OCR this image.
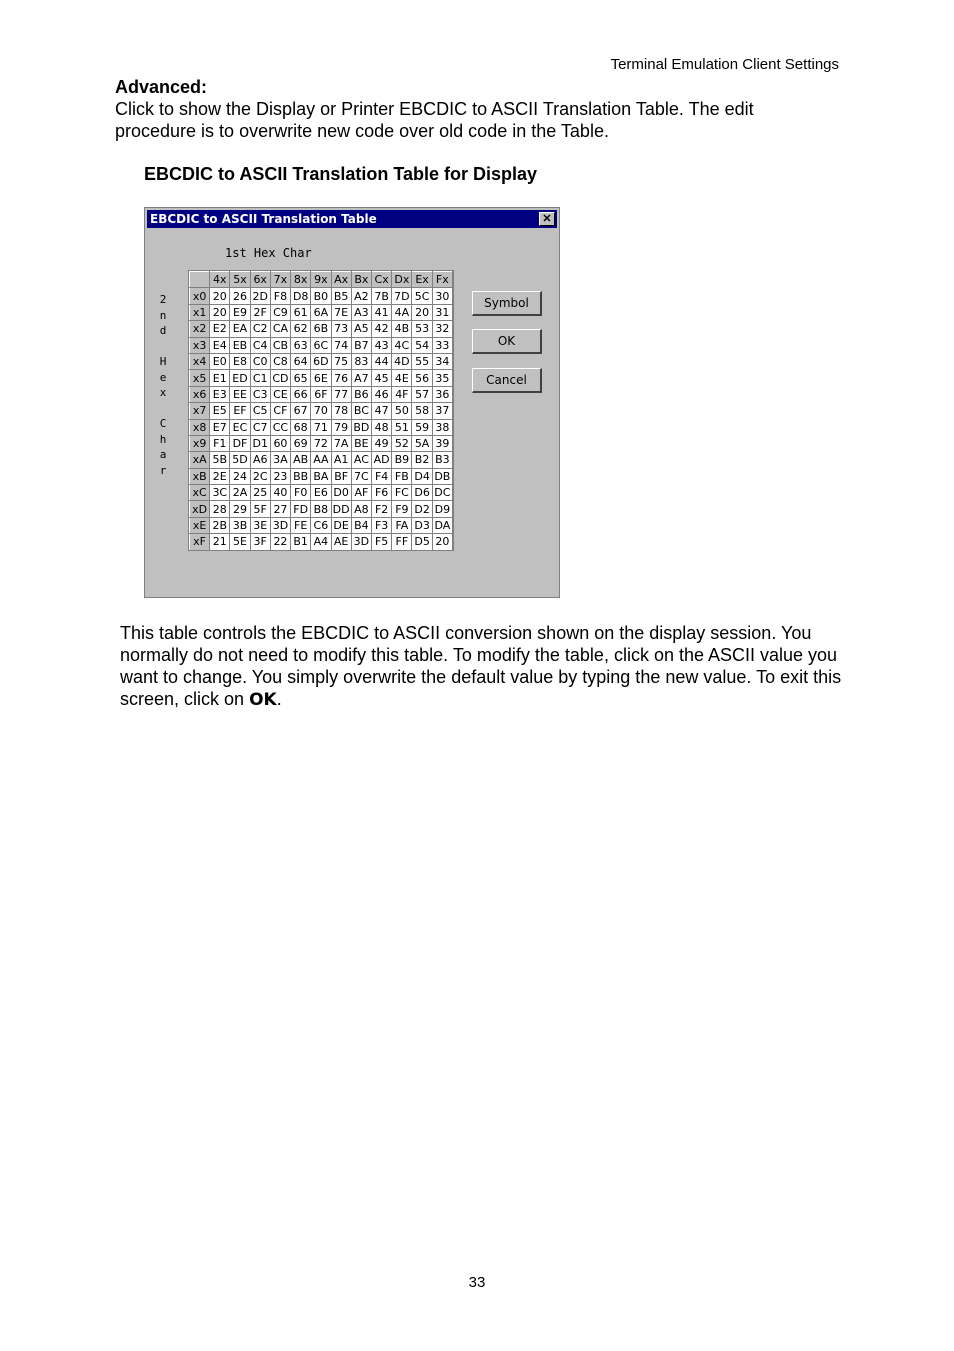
Terminal Emulation Client Settings
Advanced:

Click to show the Display or Printer EBCDIC to ASCII Translation Table. The edit procedure is to overwrite new code over old code in the Table.

EBCDIC to ASCII Translation Table for Display
EBCDIC to ASCII Translation Table	✕
1st Hex Char
2
n
d
H
e
x
C
h
a
r
	4x	5x	6x	7x	8x	9x	Ax	Bx	Cx	Dx	Ex	Fx
x0	20	26	2D	F8	D8	B0	B5	A2	7B	7D	5C	30
x1	20	E9	2F	C9	61	6A	7E	A3	41	4A	20	31
x2	E2	EA	C2	CA	62	6B	73	A5	42	4B	53	32
x3	E4	EB	C4	CB	63	6C	74	B7	43	4C	54	33
x4	E0	E8	C0	C8	64	6D	75	83	44	4D	55	34
x5	E1	ED	C1	CD	65	6E	76	A7	45	4E	56	35
x6	E3	EE	C3	CE	66	6F	77	B6	46	4F	57	36
x7	E5	EF	C5	CF	67	70	78	BC	47	50	58	37
x8	E7	EC	C7	CC	68	71	79	BD	48	51	59	38
x9	F1	DF	D1	60	69	72	7A	BE	49	52	5A	39
xA	5B	5D	A6	3A	AB	AA	A1	AC	AD	B9	B2	B3
xB	2E	24	2C	23	BB	BA	BF	7C	F4	FB	D4	DB
xC	3C	2A	25	40	F0	E6	D0	AF	F6	FC	D6	DC
xD	28	29	5F	27	FD	B8	DD	A8	F2	F9	D2	D9
xE	2B	3B	3E	3D	FE	C6	DE	B4	F3	FA	D3	DA
xF	21	5E	3F	22	B1	A4	AE	3D	F5	FF	D5	20
Symbol
OK
Cancel

This table controls the EBCDIC to ASCII conversion shown on the display session. You normally do not need to modify this table. To modify the table, click on the ASCII value you want to change. You simply overwrite the default value by typing the new value. To exit this screen, click on OK.

33
